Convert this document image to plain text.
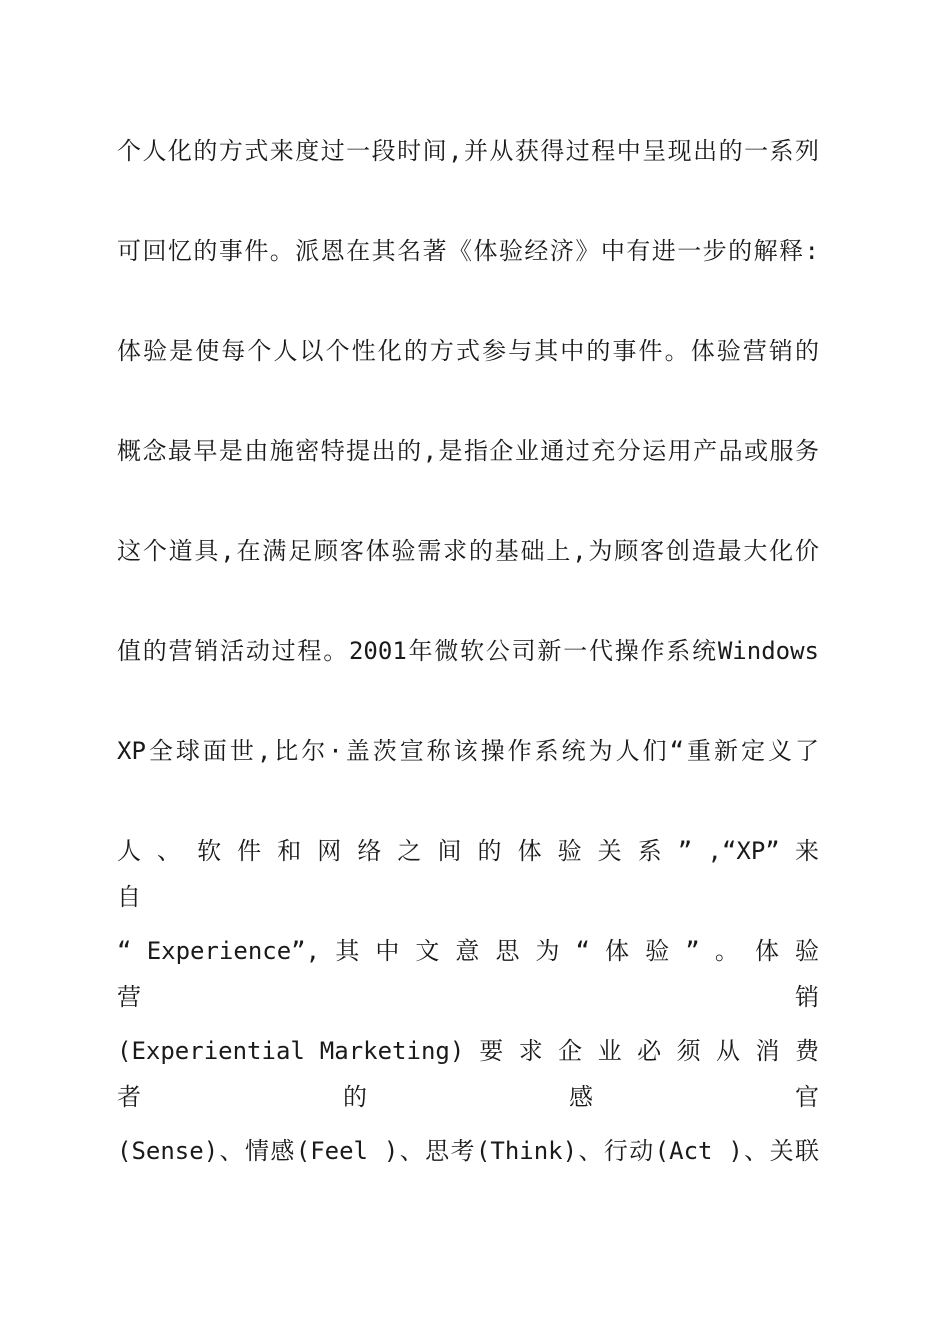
个人化的方式来度过一段时间,并从获得过程中呈现出的一系列
可回忆的事件。派恩在其名著《体验经济》中有进一步的解释:
体验是使每个人以个性化的方式参与其中的事件。体验营销的
概念最早是由施密特提出的,是指企业通过充分运用产品或服务
这个道具,在满足顾客体验需求的基础上,为顾客创造最大化价
值的营销活动过程。2001年微软公司新一代操作系统Windows
XP全球面世,比尔·盖茨宣称该操作系统为人们“重新定义了
人 、 软 件 和 网 络 之 间 的 体 验 关 系 ” ,“XP” 来 自
“ Experience”, 其 中 文 意 思 为 “ 体 验 ” 。 体 验 营 销
(Experiential Marketing) 要 求 企 业 必 须 从 消 费 者 的 感 官
(Sense)、情感(Feel )、思考(Think)、行动(Act )、关联
